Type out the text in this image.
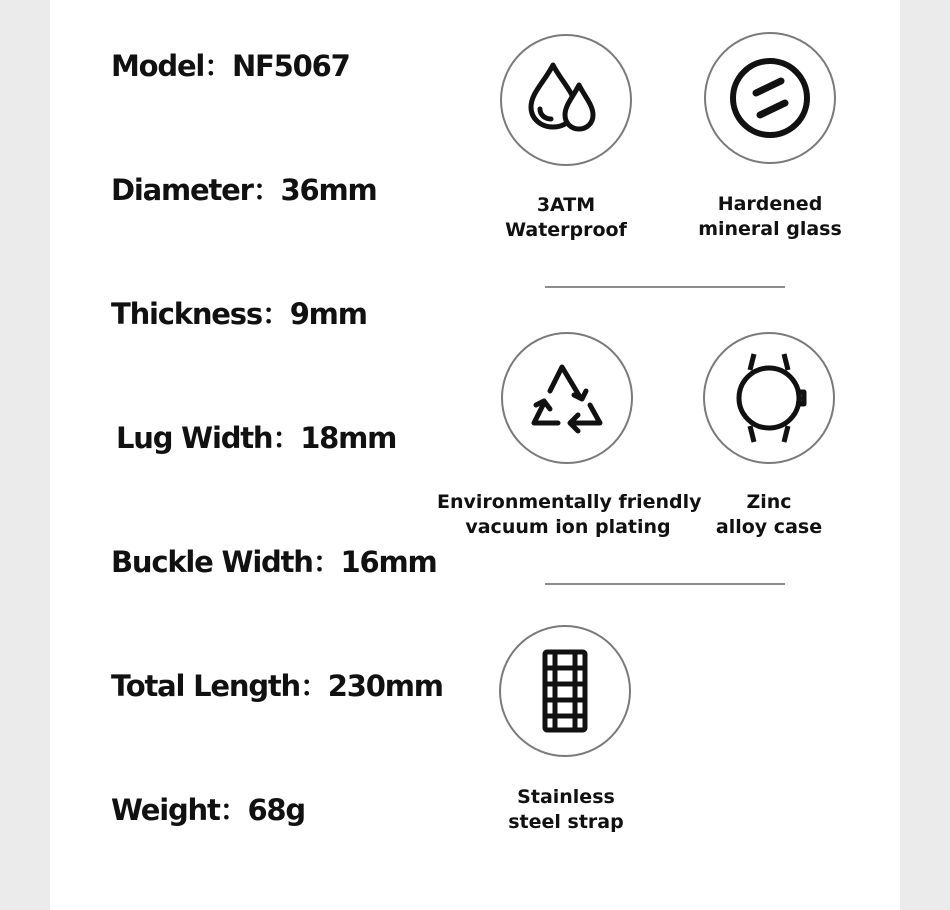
Model：NF5067
Diameter：36mm
Thickness：9mm
Lug Width：18mm
Buckle Width：16mm
Total Length：230mm
Weight：68g
3ATM
Waterproof
Hardened
mineral glass
Environmentally friendly
vacuum ion plating
Zinc
alloy case
Stainless
steel strap
